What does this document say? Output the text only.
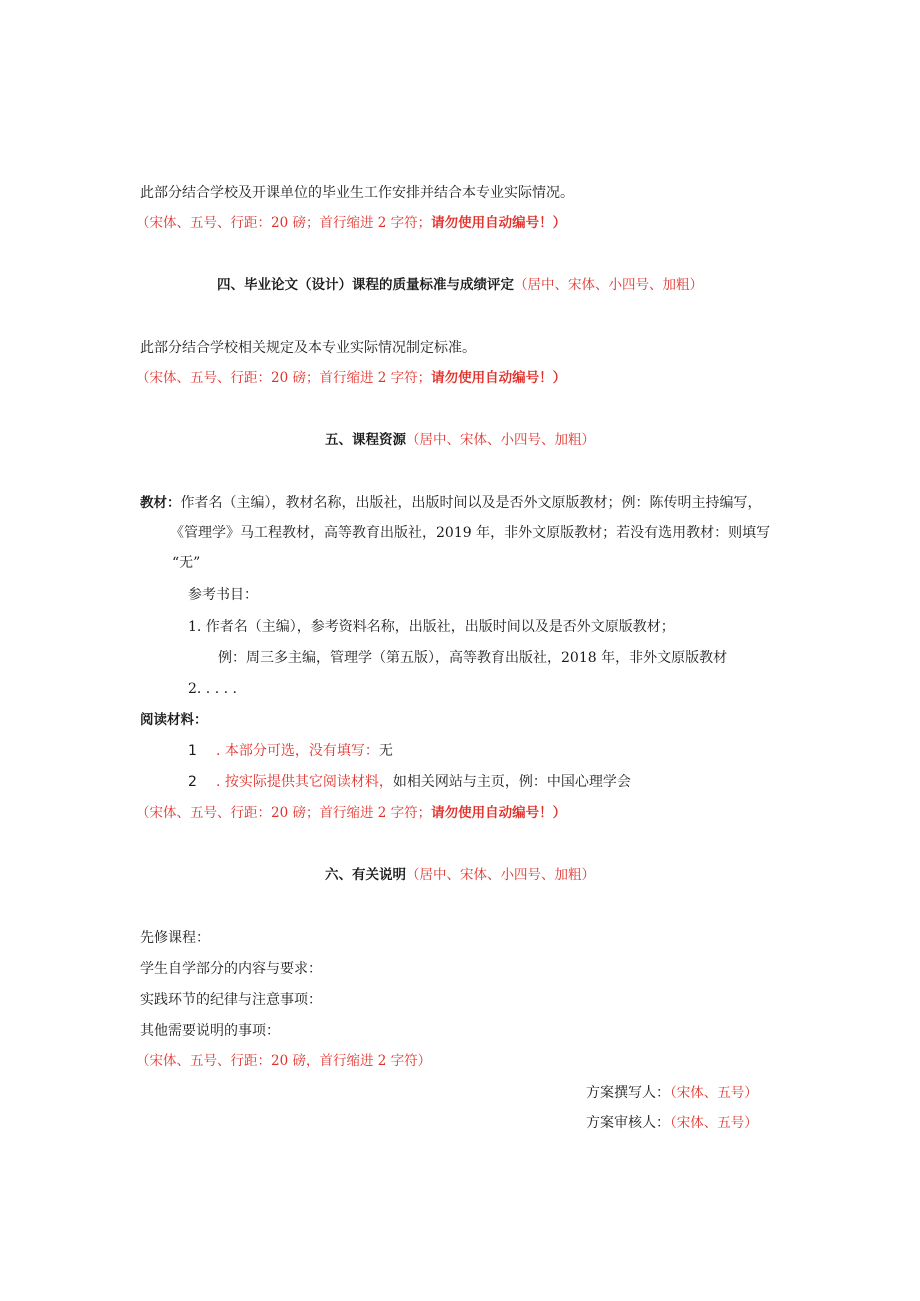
此部分结合学校及开课单位的毕业生工作安排并结合本专业实际情况。
（宋体、五号、行距：20 磅；首行缩进 2 字符；请勿使用自动编号！）
四、毕业论文（设计）课程的质量标准与成绩评定（居中、宋体、小四号、加粗）
此部分结合学校相关规定及本专业实际情况制定标准。
（宋体、五号、行距：20 磅；首行缩进 2 字符；请勿使用自动编号！）
五、课程资源（居中、宋体、小四号、加粗）
教材：作者名（主编），教材名称，出版社，出版时间以及是否外文原版教材；例：陈传明主持编写，
《管理学》马工程教材，高等教育出版社，2019 年，非外文原版教材；若没有选用教材：则填写
“无”
参考书目：
1. 作者名（主编），参考资料名称，出版社，出版时间以及是否外文原版教材；
例：周三多主编，管理学（第五版），高等教育出版社，2018 年，非外文原版教材
2. . . . .
阅读材料：
1 . 本部分可选，没有填写：无
2 . 按实际提供其它阅读材料，如相关网站与主页，例：中国心理学会
（宋体、五号、行距：20 磅；首行缩进 2 字符；请勿使用自动编号！）
六、有关说明（居中、宋体、小四号、加粗）
先修课程：
学生自学部分的内容与要求：
实践环节的纪律与注意事项：
其他需要说明的事项：
（宋体、五号、行距：20 磅，首行缩进 2 字符）
方案撰写人：（宋体、五号）
方案审核人：（宋体、五号）
